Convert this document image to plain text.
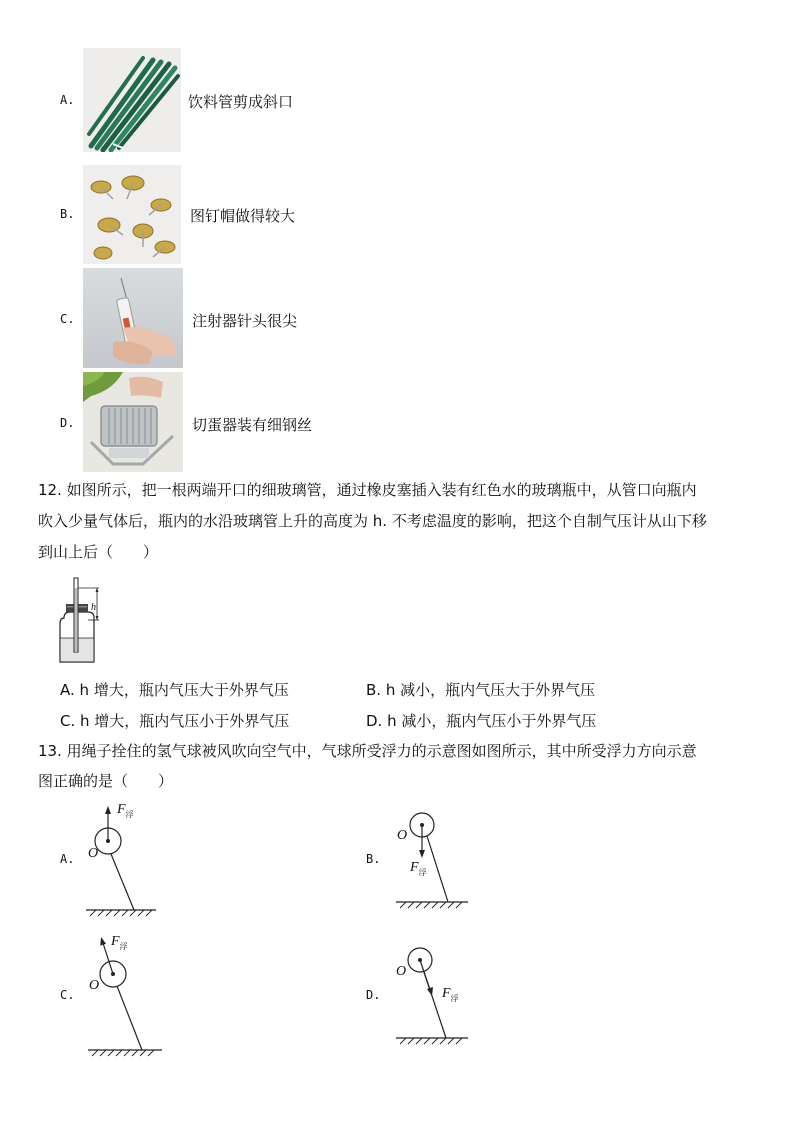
A.	饮料管剪成斜口
B.	图钉帽做得较大
C.	注射器针头很尖
D.	切蛋器装有细钢丝
12. 如图所示，把一根两端开口的细玻璃管，通过橡皮塞插入装有红色水的玻璃瓶中，从管口向瓶内
吹入少量气体后，瓶内的水沿玻璃管上升的高度为 h. 不考虑温度的影响，把这个自制气压计从山下移
到山上后（　　）
h
A. h 增大，瓶内气压大于外界气压	B. h 减小，瓶内气压大于外界气压
C. h 增大，瓶内气压小于外界气压	D. h 减小，瓶内气压小于外界气压
13. 用绳子拴住的氢气球被风吹向空气中，气球所受浮力的示意图如图所示，其中所受浮力方向示意
图正确的是（　　）
A. O
$F_浮$
B.
O
$F_浮$
C.
O
$F_浮$
D.
O
$F_浮$
